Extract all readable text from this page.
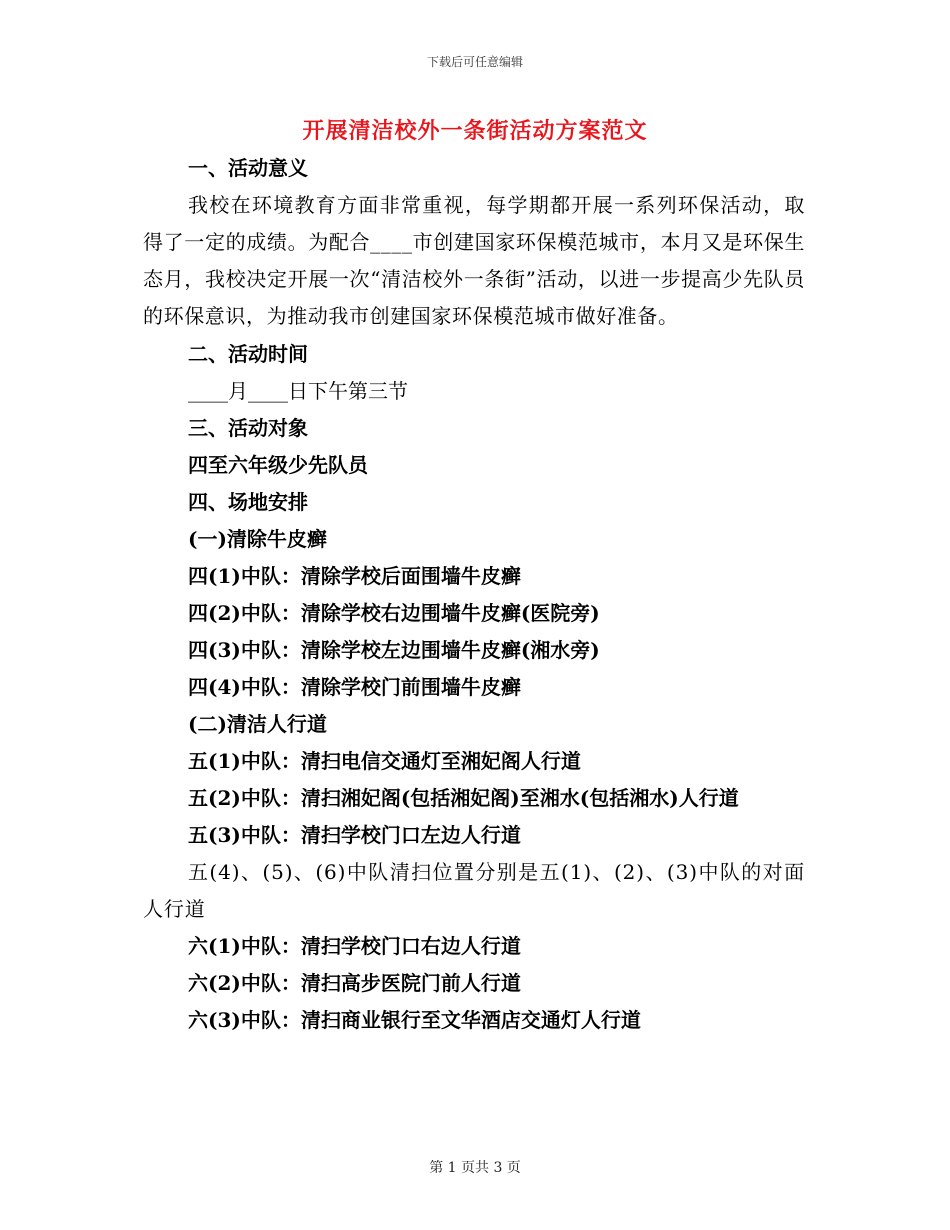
下载后可任意编辑
开展清洁校外一条街活动方案范文
一、活动意义
我校在环境教育方面非常重视，每学期都开展一系列环保活动，取得了一定的成绩。为配合____市创建国家环保模范城市，本月又是环保生态月，我校决定开展一次“清洁校外一条街”活动，以进一步提高少先队员的环保意识，为推动我市创建国家环保模范城市做好准备。
二、活动时间
____月____日下午第三节
三、活动对象
四至六年级少先队员
四、场地安排
(一)清除牛皮癣
四(1)中队：清除学校后面围墙牛皮癣
四(2)中队：清除学校右边围墙牛皮癣(医院旁)
四(3)中队：清除学校左边围墙牛皮癣(湘水旁)
四(4)中队：清除学校门前围墙牛皮癣
(二)清洁人行道
五(1)中队：清扫电信交通灯至湘妃阁人行道
五(2)中队：清扫湘妃阁(包括湘妃阁)至湘水(包括湘水)人行道
五(3)中队：清扫学校门口左边人行道
五(4)、(5)、(6)中队清扫位置分别是五(1)、(2)、(3)中队的对面人行道
六(1)中队：清扫学校门口右边人行道
六(2)中队：清扫高步医院门前人行道
六(3)中队：清扫商业银行至文华酒店交通灯人行道
第 1 页共 3 页
